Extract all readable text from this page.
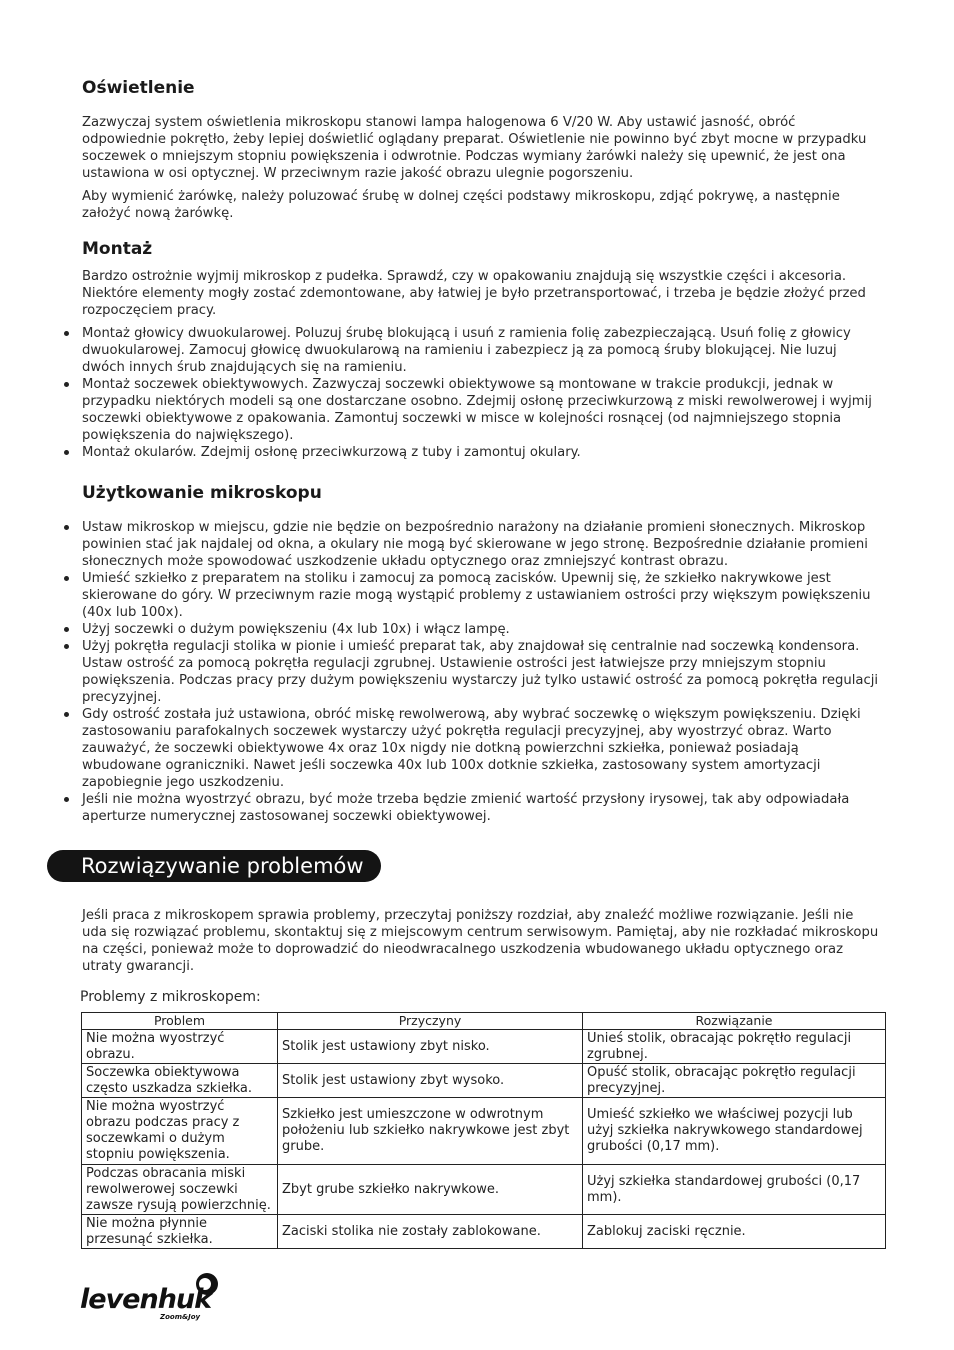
Oświetlenie

Zazwyczaj system oświetlenia mikroskopu stanowi lampa halogenowa 6 V/20 W. Aby ustawić jasność, obróć odpowiednie pokrętło, żeby lepiej doświetlić oglądany preparat. Oświetlenie nie powinno być zbyt mocne w przypadku soczewek o mniejszym stopniu powiększenia i odwrotnie. Podczas wymiany żarówki należy się upewnić, że jest ona ustawiona w osi optycznej. W przeciwnym razie jakość obrazu ulegnie pogorszeniu.

Aby wymienić żarówkę, należy poluzować śrubę w dolnej części podstawy mikroskopu, zdjąć pokrywę, a następnie założyć nową żarówkę.

Montaż

Bardzo ostrożnie wyjmij mikroskop z pudełka. Sprawdź, czy w opakowaniu znajdują się wszystkie części i akcesoria. Niektóre elementy mogły zostać zdemontowane, aby łatwiej je było przetransportować, i trzeba je będzie złożyć przed rozpoczęciem pracy.

Montaż głowicy dwuokularowej. Poluzuj śrubę blokującą i usuń z ramienia folię zabezpieczającą. Usuń folię z głowicy dwuokularowej. Zamocuj głowicę dwuokularową na ramieniu i zabezpiecz ją za pomocą śruby blokującej. Nie luzuj dwóch innych śrub znajdujących się na ramieniu.
Montaż soczewek obiektywowych. Zazwyczaj soczewki obiektywowe są montowane w trakcie produkcji, jednak w przypadku niektórych modeli są one dostarczane osobno. Zdejmij osłonę przeciwkurzową z miski rewolwerowej i wyjmij soczewki obiektywowe z opakowania. Zamontuj soczewki w misce w kolejności rosnącej (od najmniejszego stopnia powiększenia do największego).
Montaż okularów. Zdejmij osłonę przeciwkurzową z tuby i zamontuj okulary.
Użytkowanie mikroskopu
Ustaw mikroskop w miejscu, gdzie nie będzie on bezpośrednio narażony na działanie promieni słonecznych. Mikroskop powinien stać jak najdalej od okna, a okulary nie mogą być skierowane w jego stronę. Bezpośrednie działanie promieni słonecznych może spowodować uszkodzenie układu optycznego oraz zmniejszyć kontrast obrazu.
Umieść szkiełko z preparatem na stoliku i zamocuj za pomocą zacisków. Upewnij się, że szkiełko nakrywkowe jest skierowane do góry. W przeciwnym razie mogą wystąpić problemy z ustawianiem ostrości przy większym powiększeniu (40x lub 100x).
Użyj soczewki o dużym powiększeniu (4x lub 10x) i włącz lampę.
Użyj pokrętła regulacji stolika w pionie i umieść preparat tak, aby znajdował się centralnie nad soczewką kondensora. Ustaw ostrość za pomocą pokrętła regulacji zgrubnej. Ustawienie ostrości jest łatwiejsze przy mniejszym stopniu powiększenia. Podczas pracy przy dużym powiększeniu wystarczy już tylko ustawić ostrość za pomocą pokrętła regulacji precyzyjnej.
Gdy ostrość została już ustawiona, obróć miskę rewolwerową, aby wybrać soczewkę o większym powiększeniu. Dzięki zastosowaniu parafokalnych soczewek wystarczy użyć pokrętła regulacji precyzyjnej, aby wyostrzyć obraz. Warto zauważyć, że soczewki obiektywowe 4x oraz 10x nigdy nie dotkną powierzchni szkiełka, ponieważ posiadają wbudowane ograniczniki. Nawet jeśli soczewka 40x lub 100x dotknie szkiełka, zastosowany system amortyzacji zapobiegnie jego uszkodzeniu.
Jeśli nie można wyostrzyć obrazu, być może trzeba będzie zmienić wartość przysłony irysowej, tak aby odpowiadała aperturze numerycznej zastosowanej soczewki obiektywowej.
Rozwiązywanie problemów

Jeśli praca z mikroskopem sprawia problemy, przeczytaj poniższy rozdział, aby znaleźć możliwe rozwiązanie. Jeśli nie uda się rozwiązać problemu, skontaktuj się z miejscowym centrum serwisowym. Pamiętaj, aby nie rozkładać mikroskopu na części, ponieważ może to doprowadzić do nieodwracalnego uszkodzenia wbudowanego układu optycznego oraz utraty gwarancji.

Problemy z mikroskopem:

Problem	Przyczyny	Rozwiązanie
Nie można wyostrzyć obrazu.	Stolik jest ustawiony zbyt nisko.	Unieś stolik, obracając pokrętło regulacji zgrubnej.
Soczewka obiektywowa często uszkadza szkiełka.	Stolik jest ustawiony zbyt wysoko.	Opuść stolik, obracając pokrętło regulacji precyzyjnej.
Nie można wyostrzyć obrazu podczas pracy z soczewkami o dużym stopniu powiększenia.	Szkiełko jest umieszczone w odwrotnym położeniu lub szkiełko nakrywkowe jest zbyt grube.	Umieść szkiełko we właściwej pozycji lub użyj szkiełka nakrywkowego standardowej grubości (0,17 mm).
Podczas obracania miski rewolwerowej soczewki zawsze rysują powierzchnię.	Zbyt grube szkiełko nakrywkowe.	Użyj szkiełka standardowej grubości (0,17 mm).
Nie można płynnie przesunąć szkiełka.	Zaciski stolika nie zostały zablokowane.	Zablokuj zaciski ręcznie.
levenhuk
Zoom&Joy
